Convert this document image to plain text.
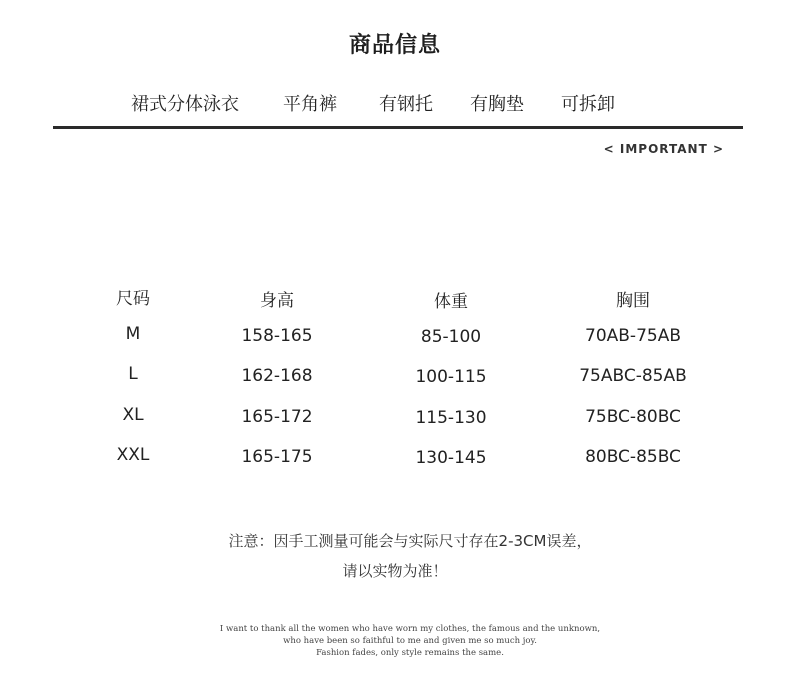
商品信息
裙式分体泳衣 平角裤 有钢托 有胸垫 可拆卸
< IMPORTANT >
尺码	身高	体重	胸围
M	158-165	85-100	70AB-75AB
L	162-168	100-115	75ABC-85AB
XL	165-172	115-130	75BC-80BC
XXL	165-175	130-145	80BC-85BC
注意：因手工测量可能会与实际尺寸存在2-3CM误差，
请以实物为准！
I want to thank all the women who have worn my clothes, the famous and the unknown,
who have been so faithful to me and given me so much joy.
Fashion fades, only style remains the same.
